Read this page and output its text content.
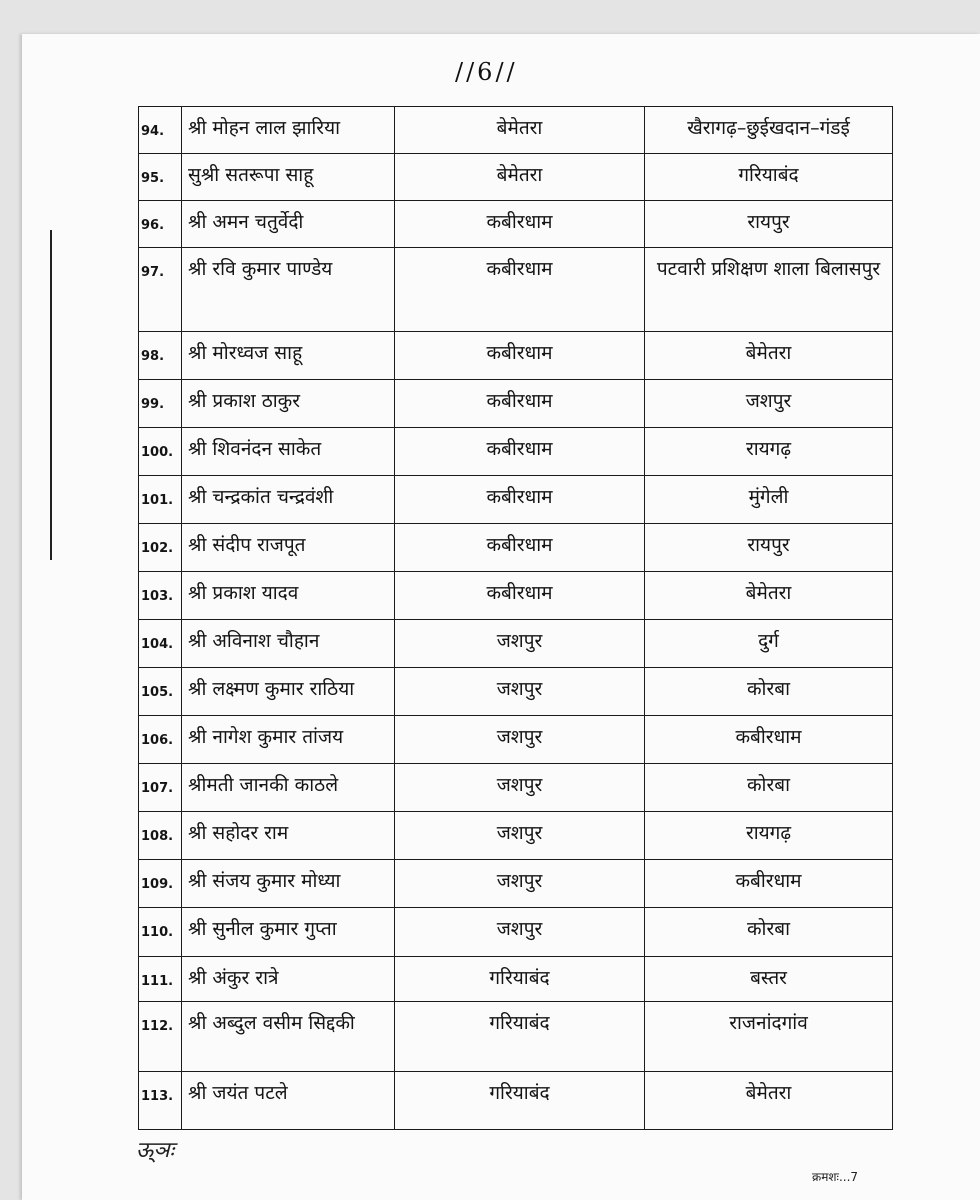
//6//
94.	श्री मोहन लाल झारिया	बेमेतरा	खैरागढ़–छुईखदान–गंडई
95.	सुश्री सतरूपा साहू	बेमेतरा	गरियाबंद
96.	श्री अमन चतुर्वेदी	कबीरधाम	रायपुर
97.	श्री रवि कुमार पाण्डेय	कबीरधाम	पटवारी प्रशिक्षण शाला बिलासपुर
98.	श्री मोरध्वज साहू	कबीरधाम	बेमेतरा
99.	श्री प्रकाश ठाकुर	कबीरधाम	जशपुर
100.	श्री शिवनंदन साकेत	कबीरधाम	रायगढ़
101.	श्री चन्द्रकांत चन्द्रवंशी	कबीरधाम	मुंगेली
102.	श्री संदीप राजपूत	कबीरधाम	रायपुर
103.	श्री प्रकाश यादव	कबीरधाम	बेमेतरा
104.	श्री अविनाश चौहान	जशपुर	दुर्ग
105.	श्री लक्ष्मण कुमार राठिया	जशपुर	कोरबा
106.	श्री नागेश कुमार तांजय	जशपुर	कबीरधाम
107.	श्रीमती जानकी काठले	जशपुर	कोरबा
108.	श्री सहोदर राम	जशपुर	रायगढ़
109.	श्री संजय कुमार मोध्या	जशपुर	कबीरधाम
110.	श्री सुनील कुमार गुप्ता	जशपुर	कोरबा
111.	श्री अंकुर रात्रे	गरियाबंद	बस्तर
112.	श्री अब्दुल वसीम सिद्दकी	गरियाबंद	राजनांदगांव
113.	श्री जयंत पटले	गरियाबंद	बेमेतरा
ऊ्ञः
क्रमशः...7
